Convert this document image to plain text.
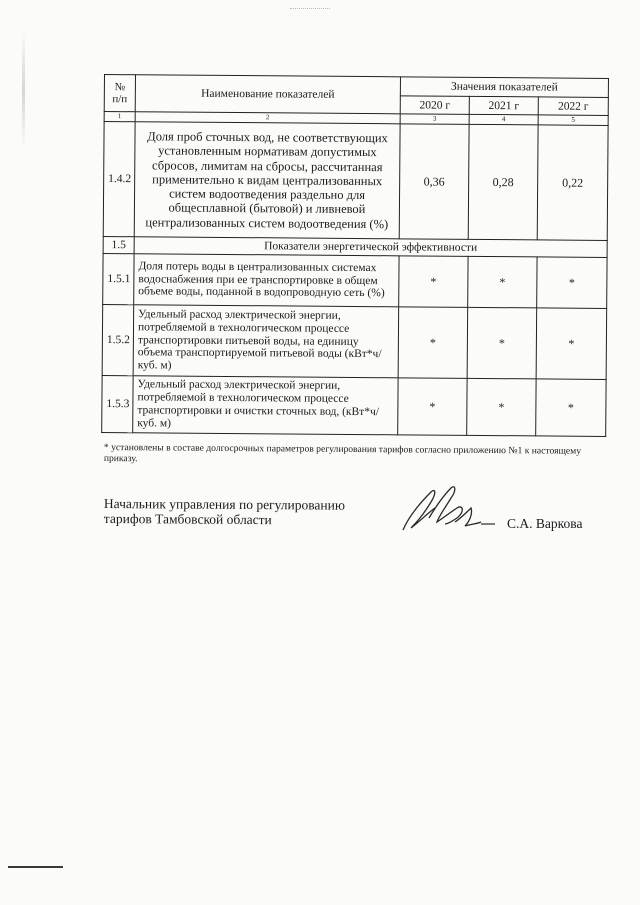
№ п/п	Наименование показателей	Значения показателей		
		2020 г	2021 г	2022 г
1	2	3	4	5
1.4.2	Доля проб сточных вод, не соответствующих установленным нормативам допустимых сбросов, лимитам на сбросы, рассчитанная применительно к видам централизованных систем водоотведения раздельно для общесплавной (бытовой) и ливневой централизованных систем водоотведения (%)	0,36	0,28	0,22
1.5	Показатели энергетической эффективности			
1.5.1	Доля потерь воды в централизованных системах водоснабжения при ее транспортировке в общем объеме воды, поданной в водопроводную сеть (%)	*	*	*
1.5.2	Удельный расход электрической энергии, потребляемой в технологическом процессе транспортировки питьевой воды, на единицу объема транспортируемой питьевой воды (кВт*ч/куб. м)	*	*	*
1.5.3	Удельный расход электрической энергии, потребляемой в технологическом процессе транспортировки и очистки сточных вод, (кВт*ч/куб. м)	*	*	*
* установлены в составе долгосрочных параметров регулирования тарифов согласно приложению №1 к настоящему приказу.
Начальник управления по регулированию
тарифов Тамбовской области	С.А. Варкова
